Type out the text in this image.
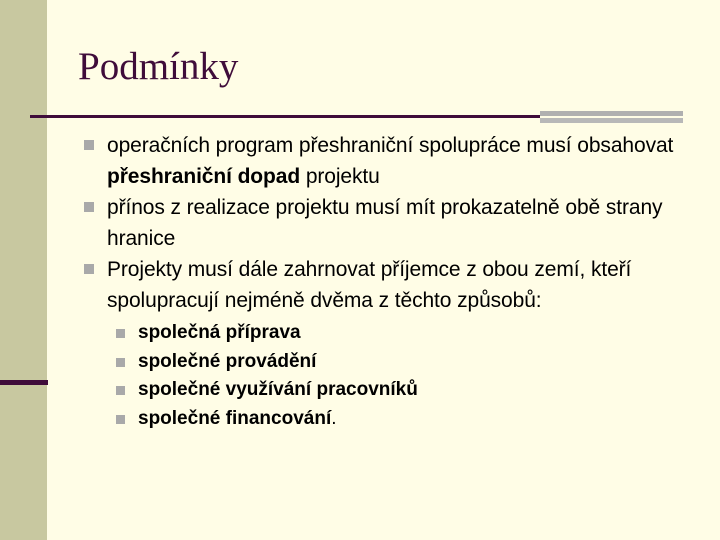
Podmínky
operačních program přeshraniční spolupráce musí obsahovat přeshraniční dopad projektu
přínos z realizace projektu musí mít prokazatelně obě strany hranice
Projekty musí dále zahrnovat příjemce z obou zemí, kteří spolupracují nejméně dvěma z těchto způsobů:
společná příprava
společné provádění
společné využívání pracovníků
společné financování.
